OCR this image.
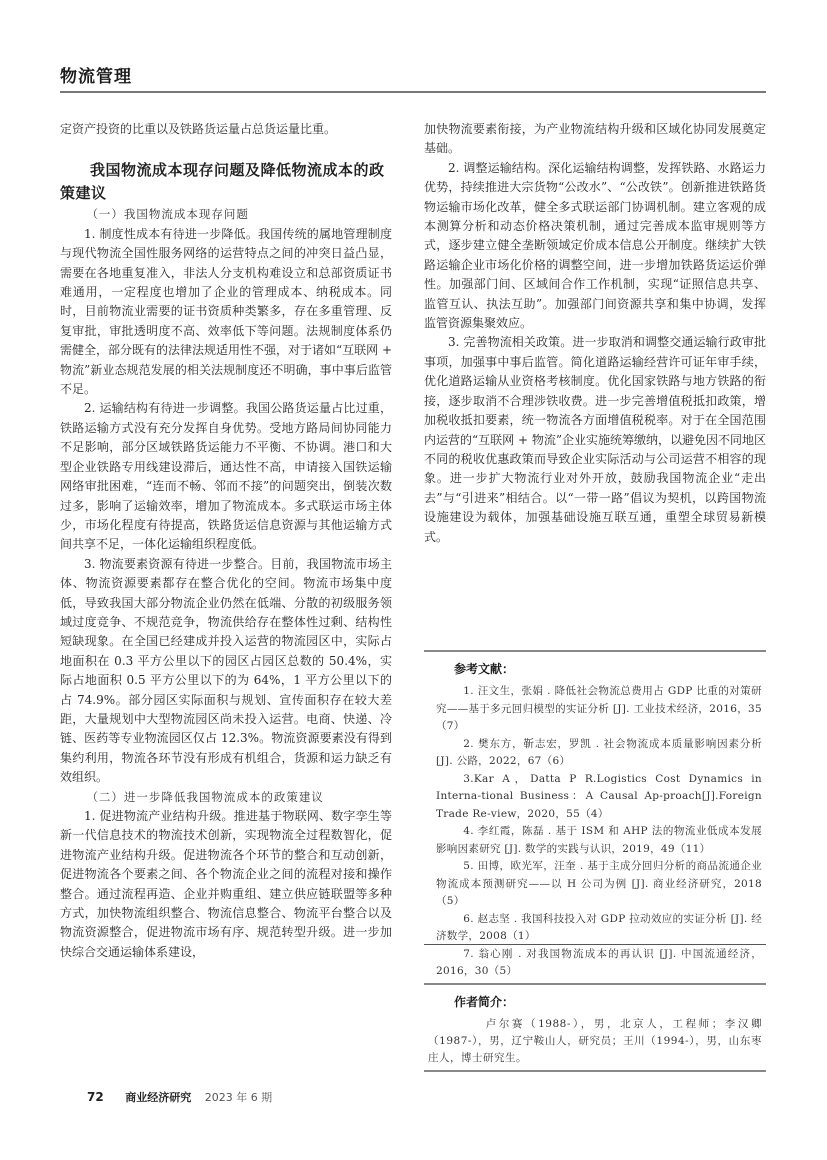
物流管理

定资产投资的比重以及铁路货运量占总货运量比重。

我国物流成本现存问题及降低物流成本的政策建议

（一）我国物流成本现存问题

1. 制度性成本有待进一步降低。我国传统的属地管理制度与现代物流全国性服务网络的运营特点之间的冲突日益凸显，需要在各地重复准入，非法人分支机构难设立和总部资质证书难通用，一定程度也增加了企业的管理成本、纳税成本。同时，目前物流业需要的证书资质种类繁多，存在多重管理、反复审批，审批透明度不高、效率低下等问题。法规制度体系仍需健全，部分既有的法律法规适用性不强，对于诸如“互联网 + 物流”新业态规范发展的相关法规制度还不明确，事中事后监管不足。

2. 运输结构有待进一步调整。我国公路货运量占比过重，铁路运输方式没有充分发挥自身优势。受地方路局间协同能力不足影响，部分区域铁路货运能力不平衡、不协调。港口和大型企业铁路专用线建设滞后，通达性不高，申请接入国铁运输网络审批困难，“连而不畅、邻而不接”的问题突出，倒装次数过多，影响了运输效率，增加了物流成本。多式联运市场主体少，市场化程度有待提高，铁路货运信息资源与其他运输方式间共享不足，一体化运输组织程度低。

3. 物流要素资源有待进一步整合。目前，我国物流市场主体、物流资源要素都存在整合优化的空间。物流市场集中度低，导致我国大部分物流企业仍然在低端、分散的初级服务领域过度竞争、不规范竞争，物流供给存在整体性过剩、结构性短缺现象。在全国已经建成并投入运营的物流园区中，实际占地面积在 0.3 平方公里以下的园区占园区总数的 50.4%，实际占地面积 0.5 平方公里以下的为 64%，1 平方公里以下的占 74.9%。部分园区实际面积与规划、宣传面积存在较大差距，大量规划中大型物流园区尚未投入运营。电商、快递、冷链、医药等专业物流园区仅占 12.3%。物流资源要素没有得到集约利用，物流各环节没有形成有机组合，货源和运力缺乏有效组织。

（二）进一步降低我国物流成本的政策建议

1. 促进物流产业结构升级。推进基于物联网、数字孪生等新一代信息技术的物流技术创新，实现物流全过程数智化，促进物流产业结构升级。促进物流各个环节的整合和互动创新，促进物流各个要素之间、各个物流企业之间的流程对接和操作整合。通过流程再造、企业并购重组、建立供应链联盟等多种方式，加快物流组织整合、物流信息整合、物流平台整合以及物流资源整合，促进物流市场有序、规范转型升级。进一步加快综合交通运输体系建设，

加快物流要素衔接，为产业物流结构升级和区域化协同发展奠定基础。

2. 调整运输结构。深化运输结构调整，发挥铁路、水路运力优势，持续推进大宗货物“公改水”、“公改铁”。创新推进铁路货物运输市场化改革，健全多式联运部门协调机制。建立客观的成本测算分析和动态价格决策机制，通过完善成本监审规则等方式，逐步建立健全垄断领域定价成本信息公开制度。继续扩大铁路运输企业市场化价格的调整空间，进一步增加铁路货运运价弹性。加强部门间、区域间合作工作机制，实现“证照信息共享、监管互认、执法互助”。加强部门间资源共享和集中协调，发挥监管资源集聚效应。

3. 完善物流相关政策。进一步取消和调整交通运输行政审批事项，加强事中事后监管。简化道路运输经营许可证年审手续，优化道路运输从业资格考核制度。优化国家铁路与地方铁路的衔接，逐步取消不合理涉铁收费。进一步完善增值税抵扣政策，增加税收抵扣要素，统一物流各方面增值税税率。对于在全国范围内运营的“互联网 + 物流”企业实施统筹缴纳，以避免因不同地区不同的税收优惠政策而导致企业实际活动与公司运营不相容的现象。进一步扩大物流行业对外开放，鼓励我国物流企业“走出去”与“引进来”相结合。以“一带一路”倡议为契机，以跨国物流设施建设为载体，加强基础设施互联互通，重塑全球贸易新模式。

参考文献：

1. 汪文生，张娟 . 降低社会物流总费用占 GDP 比重的对策研究——基于多元回归模型的实证分析 [J]. 工业技术经济，2016，35（7）

2. 樊东方，靳志宏，罗凯 . 社会物流成本质量影响因素分析 [J]. 公路，2022，67（6）

3.Kar A，Datta P R.Logistics Cost Dynamics in Interna-tional Business：A Causal Ap-proach[J].Foreign Trade Re-view，2020，55（4）

4. 李红霞，陈磊 . 基于 ISM 和 AHP 法的物流业低成本发展影响因素研究 [J]. 数学的实践与认识，2019，49（11）

5. 田博，欧光军，汪奎 . 基于主成分回归分析的商品流通企业物流成本预测研究——以 H 公司为例 [J]. 商业经济研究，2018（5）

6. 赵志坚 . 我国科技投入对 GDP 拉动效应的实证分析 [J]. 经济数学，2008（1）

7. 翁心刚 . 对我国物流成本的再认识 [J]. 中国流通经济，2016，30（5）

作者简介：

卢尔赛（1988-），男，北京人，工程师；李汉卿（1987-），男，辽宁鞍山人，研究员；王川（1994-），男，山东枣庄人，博士研究生。

72 商业经济研究 2023 年 6 期
